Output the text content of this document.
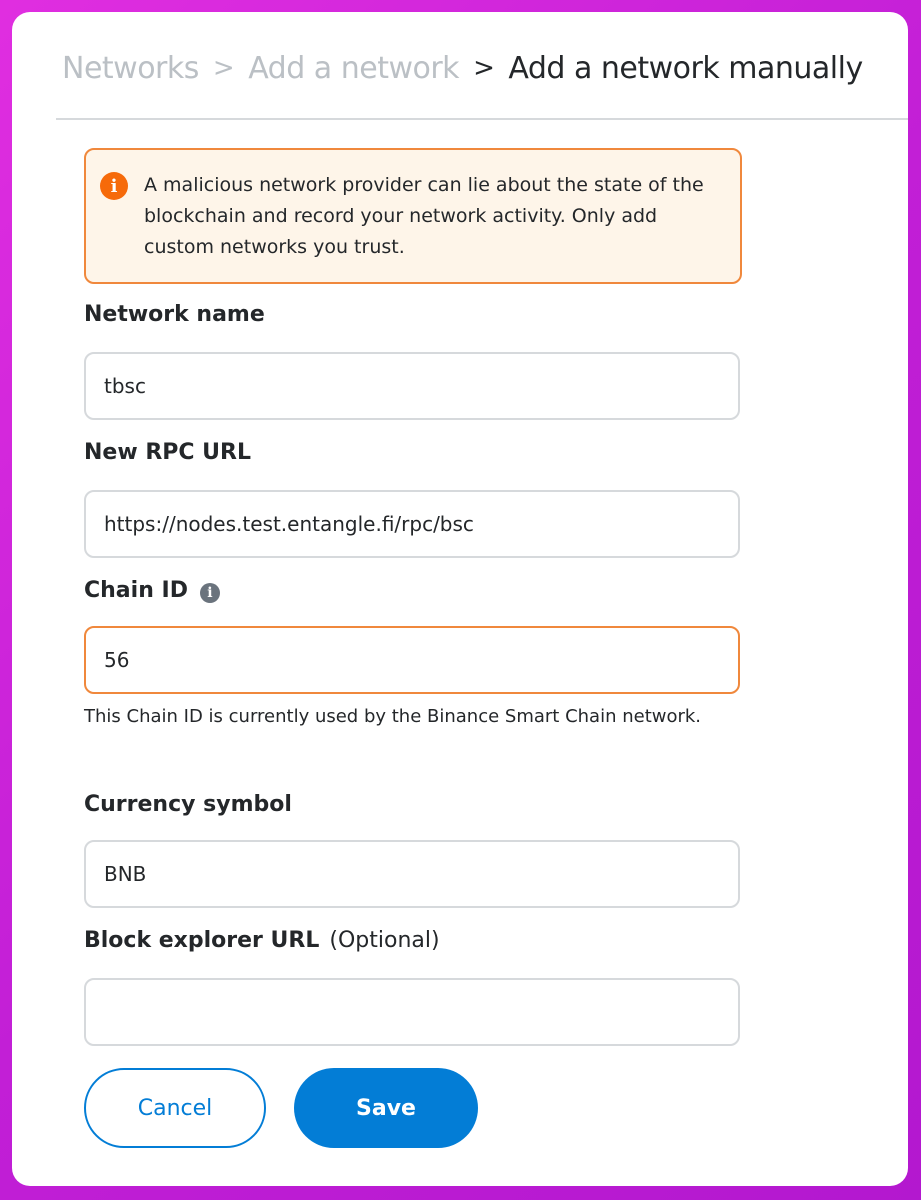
Networks > Add a network > Add a network manually
i	A malicious network provider can lie about the state of the blockchain and record your network activity. Only add custom networks you trust.
Network name
tbsc
New RPC URL
https://nodes.test.entangle.fi/rpc/bsc
Chain ID	i
56
This Chain ID is currently used by the Binance Smart Chain network.
Currency symbol
BNB
Block explorer URL (Optional)
Cancel	Save
